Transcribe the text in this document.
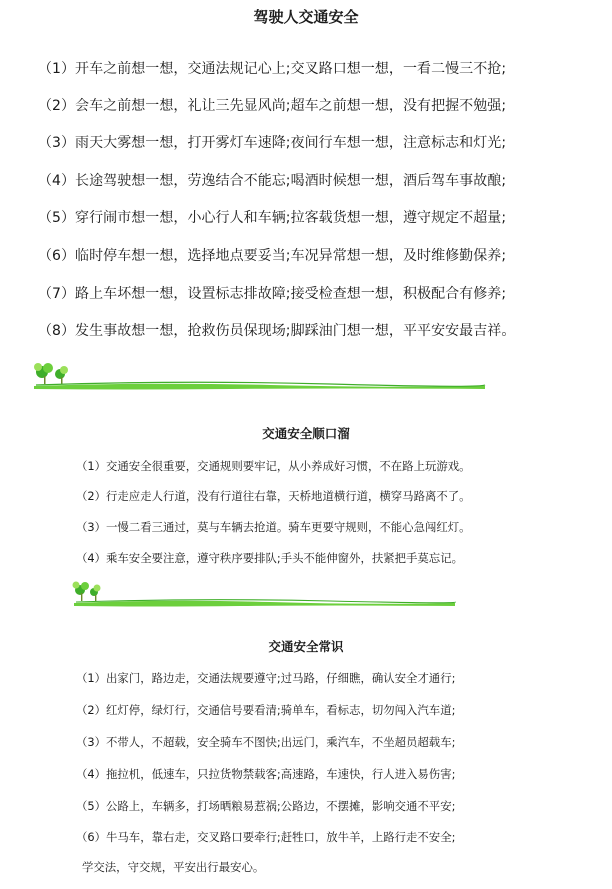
驾驶人交通安全
（1）开车之前想一想，交通法规记心上;交叉路口想一想，一看二慢三不抢;
（2）会车之前想一想，礼让三先显风尚;超车之前想一想，没有把握不勉强;
（3）雨天大雾想一想，打开雾灯车速降;夜间行车想一想，注意标志和灯光;
（4）长途驾驶想一想，劳逸结合不能忘;喝酒时候想一想，酒后驾车事故酿;
（5）穿行闹市想一想，小心行人和车辆;拉客载货想一想，遵守规定不超量;
（6）临时停车想一想，选择地点要妥当;车况异常想一想，及时维修勤保养;
（7）路上车坏想一想，设置标志排故障;接受检查想一想，积极配合有修养;
（8）发生事故想一想，抢救伤员保现场;脚踩油门想一想，平平安安最吉祥。
交通安全顺口溜
（1）交通安全很重要，交通规则要牢记，从小养成好习惯，不在路上玩游戏。
（2）行走应走人行道，没有行道往右靠，天桥地道横行道，横穿马路离不了。
（3）一慢二看三通过，莫与车辆去抢道。骑车更要守规则，不能心急闯红灯。
（4）乘车安全要注意，遵守秩序要排队;手头不能伸窗外，扶紧把手莫忘记。
交通安全常识
（1）出家门，路边走，交通法规要遵守;过马路，仔细瞧，确认安全才通行;
（2）红灯停，绿灯行，交通信号要看清;骑单车，看标志，切勿闯入汽车道;
（3）不带人，不超载，安全骑车不图快;出远门，乘汽车，不坐超员超载车;
（4）拖拉机，低速车，只拉货物禁载客;高速路，车速快，行人进入易伤害;
（5）公路上，车辆多，打场晒粮易惹祸;公路边，不摆摊，影响交通不平安;
（6）牛马车，靠右走，交叉路口要牵行;赶牲口，放牛羊，上路行走不安全;
学交法，守交规，平安出行最安心。
